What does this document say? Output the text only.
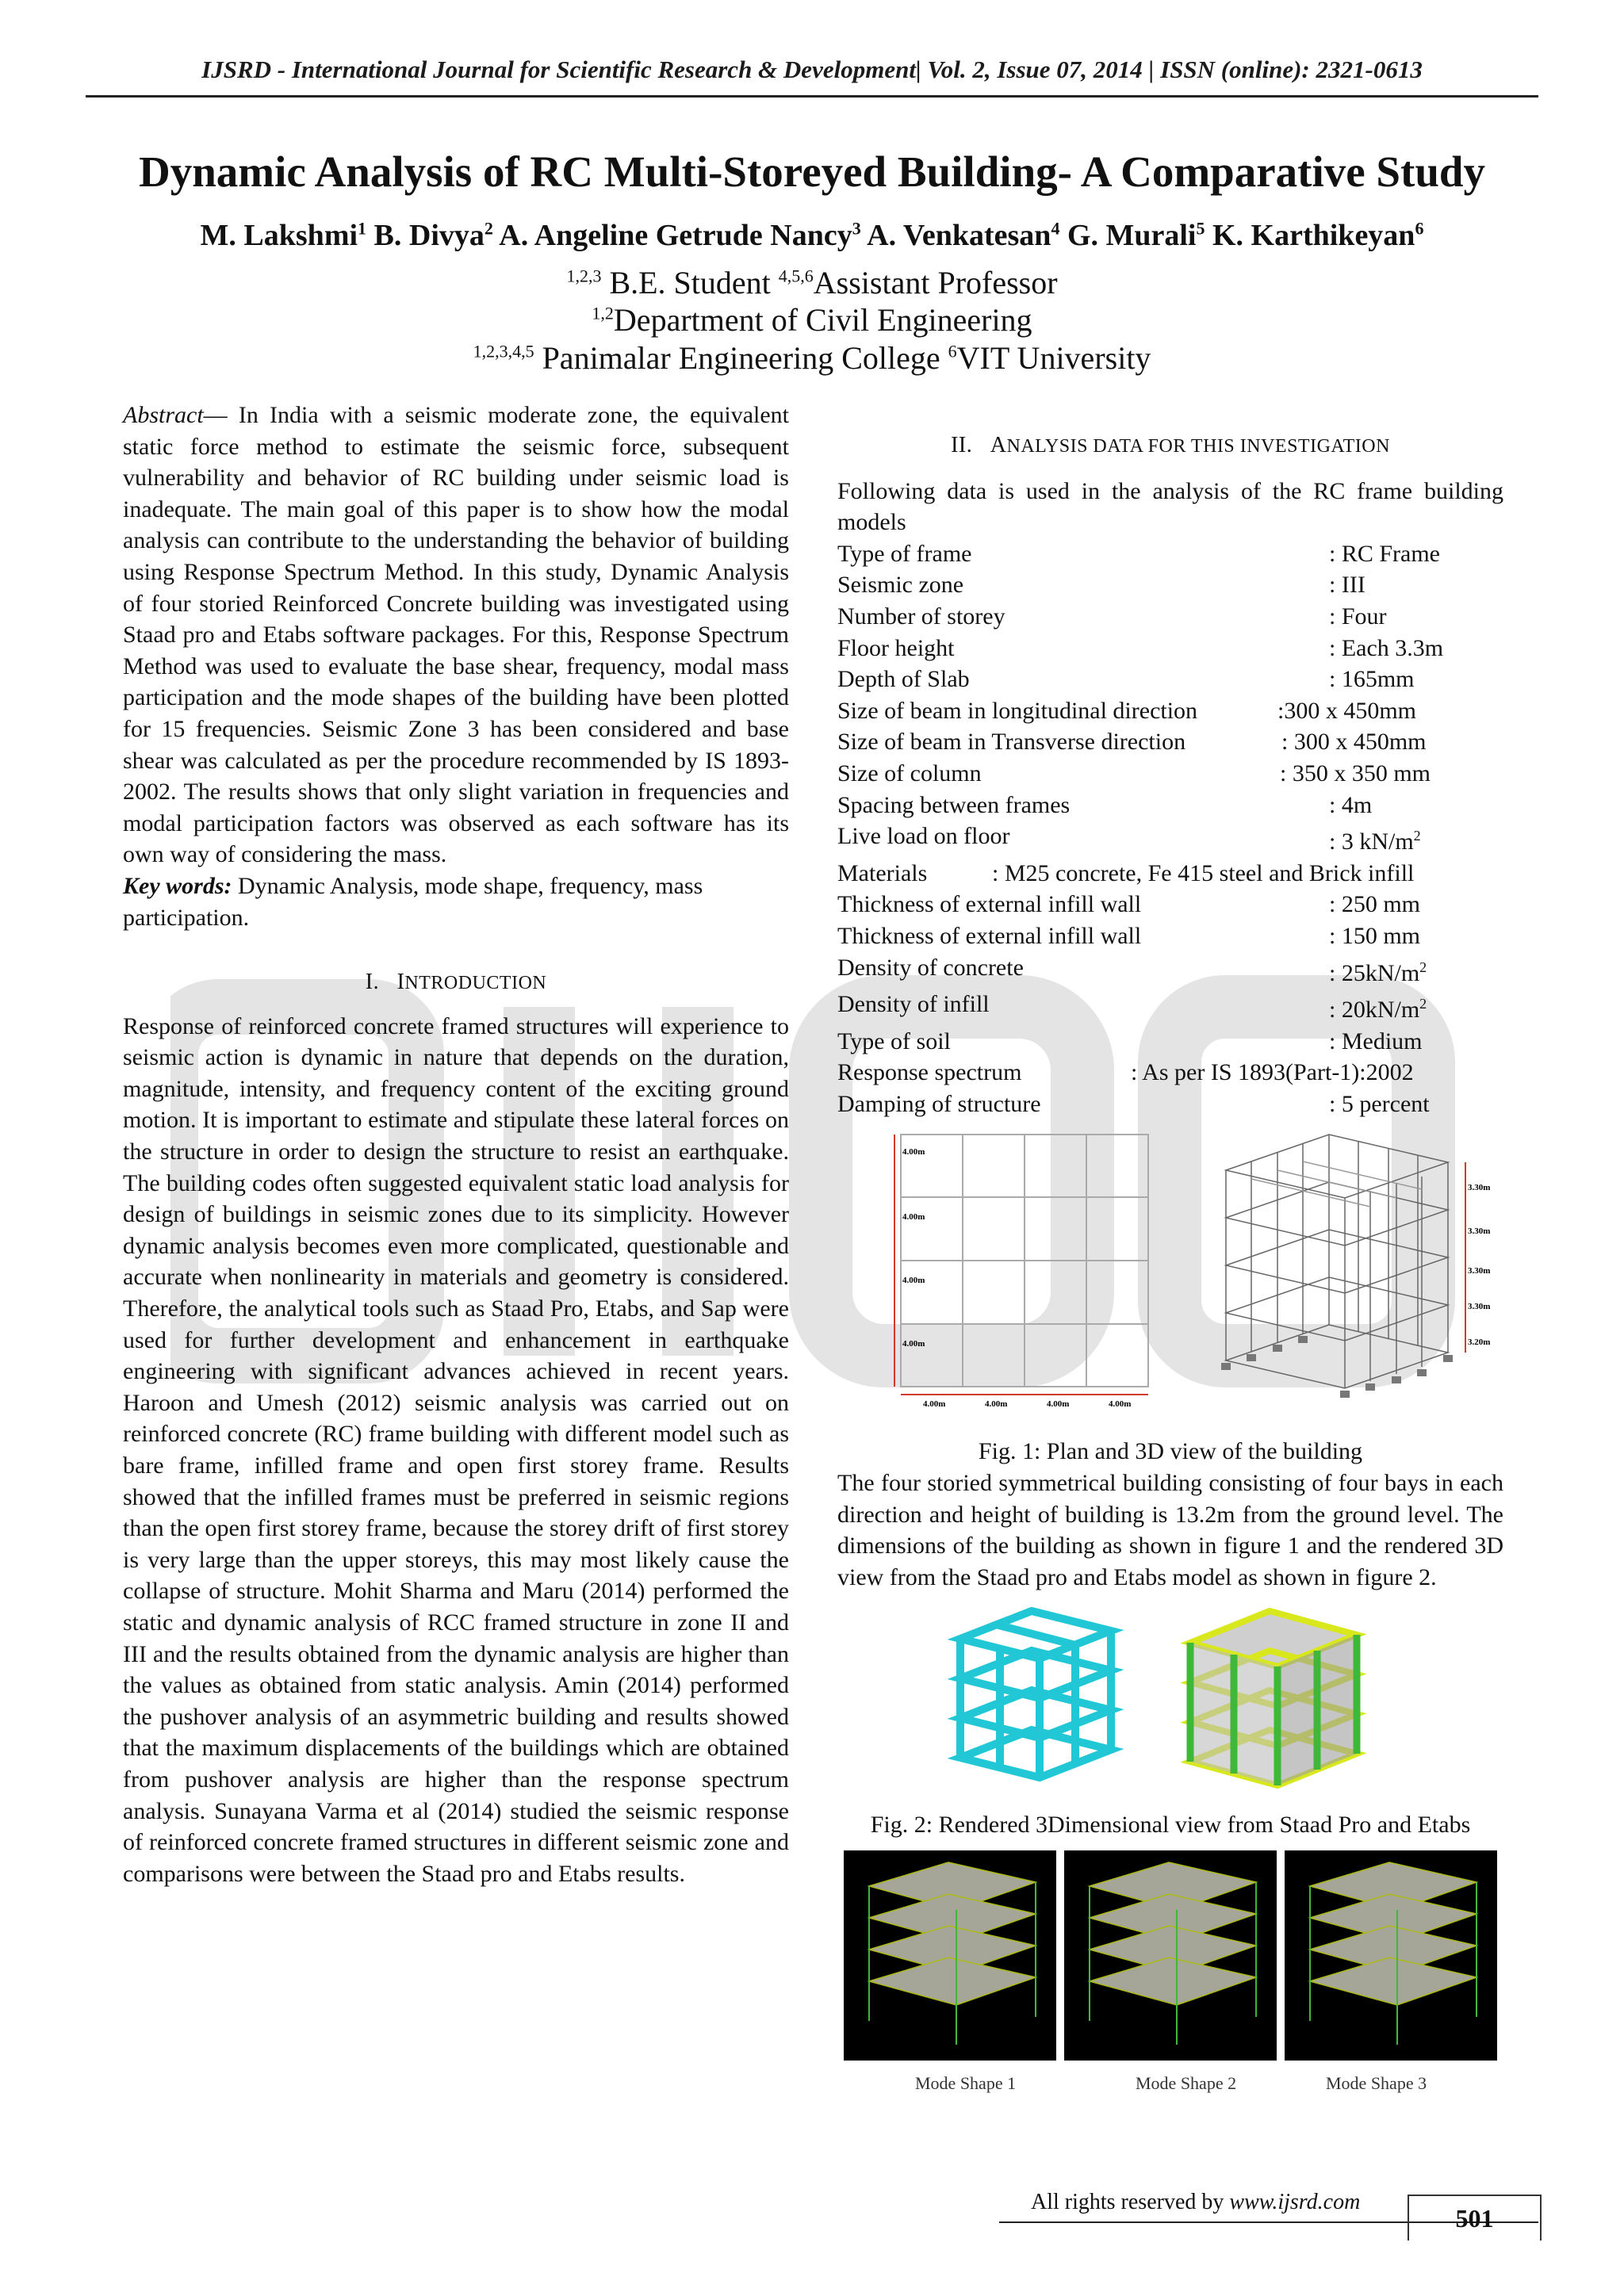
IJSRD - International Journal for Scientific Research & Development| Vol. 2, Issue 07, 2014 | ISSN (online): 2321-0613
Dynamic Analysis of RC Multi-Storeyed Building- A Comparative Study
M. Lakshmi$^1$ B. Divya$^2$ A. Angeline Getrude Nancy$^3$ A. Venkatesan$^4$ G. Murali$^5$ K. Karthikeyan$^6$
$^{1,2,3}$ B.E. Student $^{4,5,6}$Assistant Professor
$^{1,2}$Department of Civil Engineering
$^{1,2,3,4,5}$ Panimalar Engineering College $^6$VIT University

Abstract— In India with a seismic moderate zone, the equivalent static force method to estimate the seismic force, subsequent vulnerability and behavior of RC building under seismic load is inadequate. The main goal of this paper is to show how the modal analysis can contribute to the understanding the behavior of building using Response Spectrum Method. In this study, Dynamic Analysis of four storied Reinforced Concrete building was investigated using Staad pro and Etabs software packages. For this, Response Spectrum Method was used to evaluate the base shear, frequency, modal mass participation and the mode shapes of the building have been plotted for 15 frequencies. Seismic Zone 3 has been considered and base shear was calculated as per the procedure recommended by IS 1893-2002. The results shows that only slight variation in frequencies and modal participation factors was observed as each software has its own way of considering the mass.

Key words: Dynamic Analysis, mode shape, frequency, mass participation.

I. INTRODUCTION

Response of reinforced concrete framed structures will experience to seismic action is dynamic in nature that depends on the duration, magnitude, intensity, and frequency content of the exciting ground motion. It is important to estimate and stipulate these lateral forces on the structure in order to design the structure to resist an earthquake. The building codes often suggested equivalent static load analysis for design of buildings in seismic zones due to its simplicity. However dynamic analysis becomes even more complicated, questionable and accurate when nonlinearity in materials and geometry is considered. Therefore, the analytical tools such as Staad Pro, Etabs, and Sap were used for further development and enhancement in earthquake engineering with significant advances achieved in recent years. Haroon and Umesh (2012) seismic analysis was carried out on reinforced concrete (RC) frame building with different model such as bare frame, infilled frame and open first storey frame. Results showed that the infilled frames must be preferred in seismic regions than the open first storey frame, because the storey drift of first storey is very large than the upper storeys, this may most likely cause the collapse of structure. Mohit Sharma and Maru (2014) performed the static and dynamic analysis of RCC framed structure in zone II and III and the results obtained from the dynamic analysis are higher than the values as obtained from static analysis. Amin (2014) performed the pushover analysis of an asymmetric building and results showed that the maximum displacements of the buildings which are obtained from pushover analysis are higher than the response spectrum analysis. Sunayana Varma et al (2014) studied the seismic response of reinforced concrete framed structures in different seismic zone and comparisons were between the Staad pro and Etabs results.

II. ANALYSIS DATA FOR THIS INVESTIGATION

Following data is used in the analysis of the RC frame building models

Type of frame	: RC Frame
Seismic zone	: III
Number of storey	: Four
Floor height	: Each 3.3m
Depth of Slab	: 165mm
Size of beam in longitudinal direction	:300 x 450mm
Size of beam in Transverse direction	: 300 x 450mm
Size of column	: 350 x 350 mm
Spacing between frames	: 4m
Live load on floor	: 3 $kN/m^2$
Materials	: M25 concrete, Fe 415 steel and Brick infill
Thickness of external infill wall	: 250 mm
Thickness of external infill wall	: 150 mm
Density of concrete	: $25kN/m^2$
Density of infill	: $20kN/m^2$
Type of soil	: Medium
Response spectrum	: As per IS 1893(Part-1):2002
Damping of structure	: 5 percent
4.00m
4.00m
4.00m
4.00m
4.00m	4.00m	4.00m	4.00m
3.30m
3.30m
3.30m
3.30m
3.20m
Fig. 1: Plan and 3D view of the building

The four storied symmetrical building consisting of four bays in each direction and height of building is 13.2m from the ground level. The dimensions of the building as shown in figure 1 and the rendered 3D view from the Staad pro and Etabs model as shown in figure 2.

Fig. 2: Rendered 3Dimensional view from Staad Pro and Etabs
Mode Shape 1	Mode Shape 2	Mode Shape 3
All rights reserved by www.ijsrd.com
501
